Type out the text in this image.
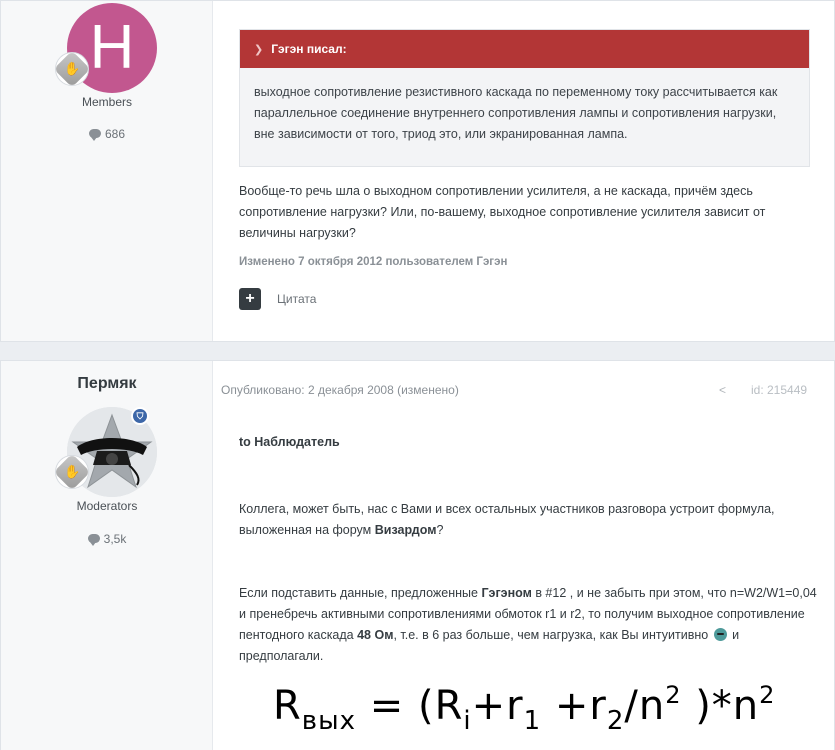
H
✋
Members
686
❯ Гэгэн писал:
выходное сопротивление резистивного каскада по переменному току рассчитывается как параллельное соединение внутреннего сопротивления лампы и сопротивления нагрузки, вне зависимости от того, триод это, или экранированная лампа.
Вообще-то речь шла о выходном сопротивлении усилителя, а не каскада, причём здесь сопротивление нагрузки? Или, по-вашему, выходное сопротивление усилителя зависит от величины нагрузки?
Изменено 7 октября 2012 пользователем Гэгэн
+	Цитата
Пермяк
⛉
✋
Moderators
3,5k
Опубликовано: 2 декабря 2008 (изменено)	< id: 215449
to Наблюдатель
Коллега, может быть, нас с Вами и всех остальных участников разговора устроит формула, выложенная на форум Визардом?
Если подставить данные, предложенные Гэгэном в #12 , и не забыть при этом, что n=W2/W1=0,04 и пренебречь активными сопротивлениями обмоток r1 и r2, то получим выходное сопротивление пентодного каскада 48 Ом, т.е. в 6 раз больше, чем нагрузка, как Вы интуитивно  и предполагали.
$R_{вых} = (R_i+r_1 +r_2/n^2$ )$*n^2$
